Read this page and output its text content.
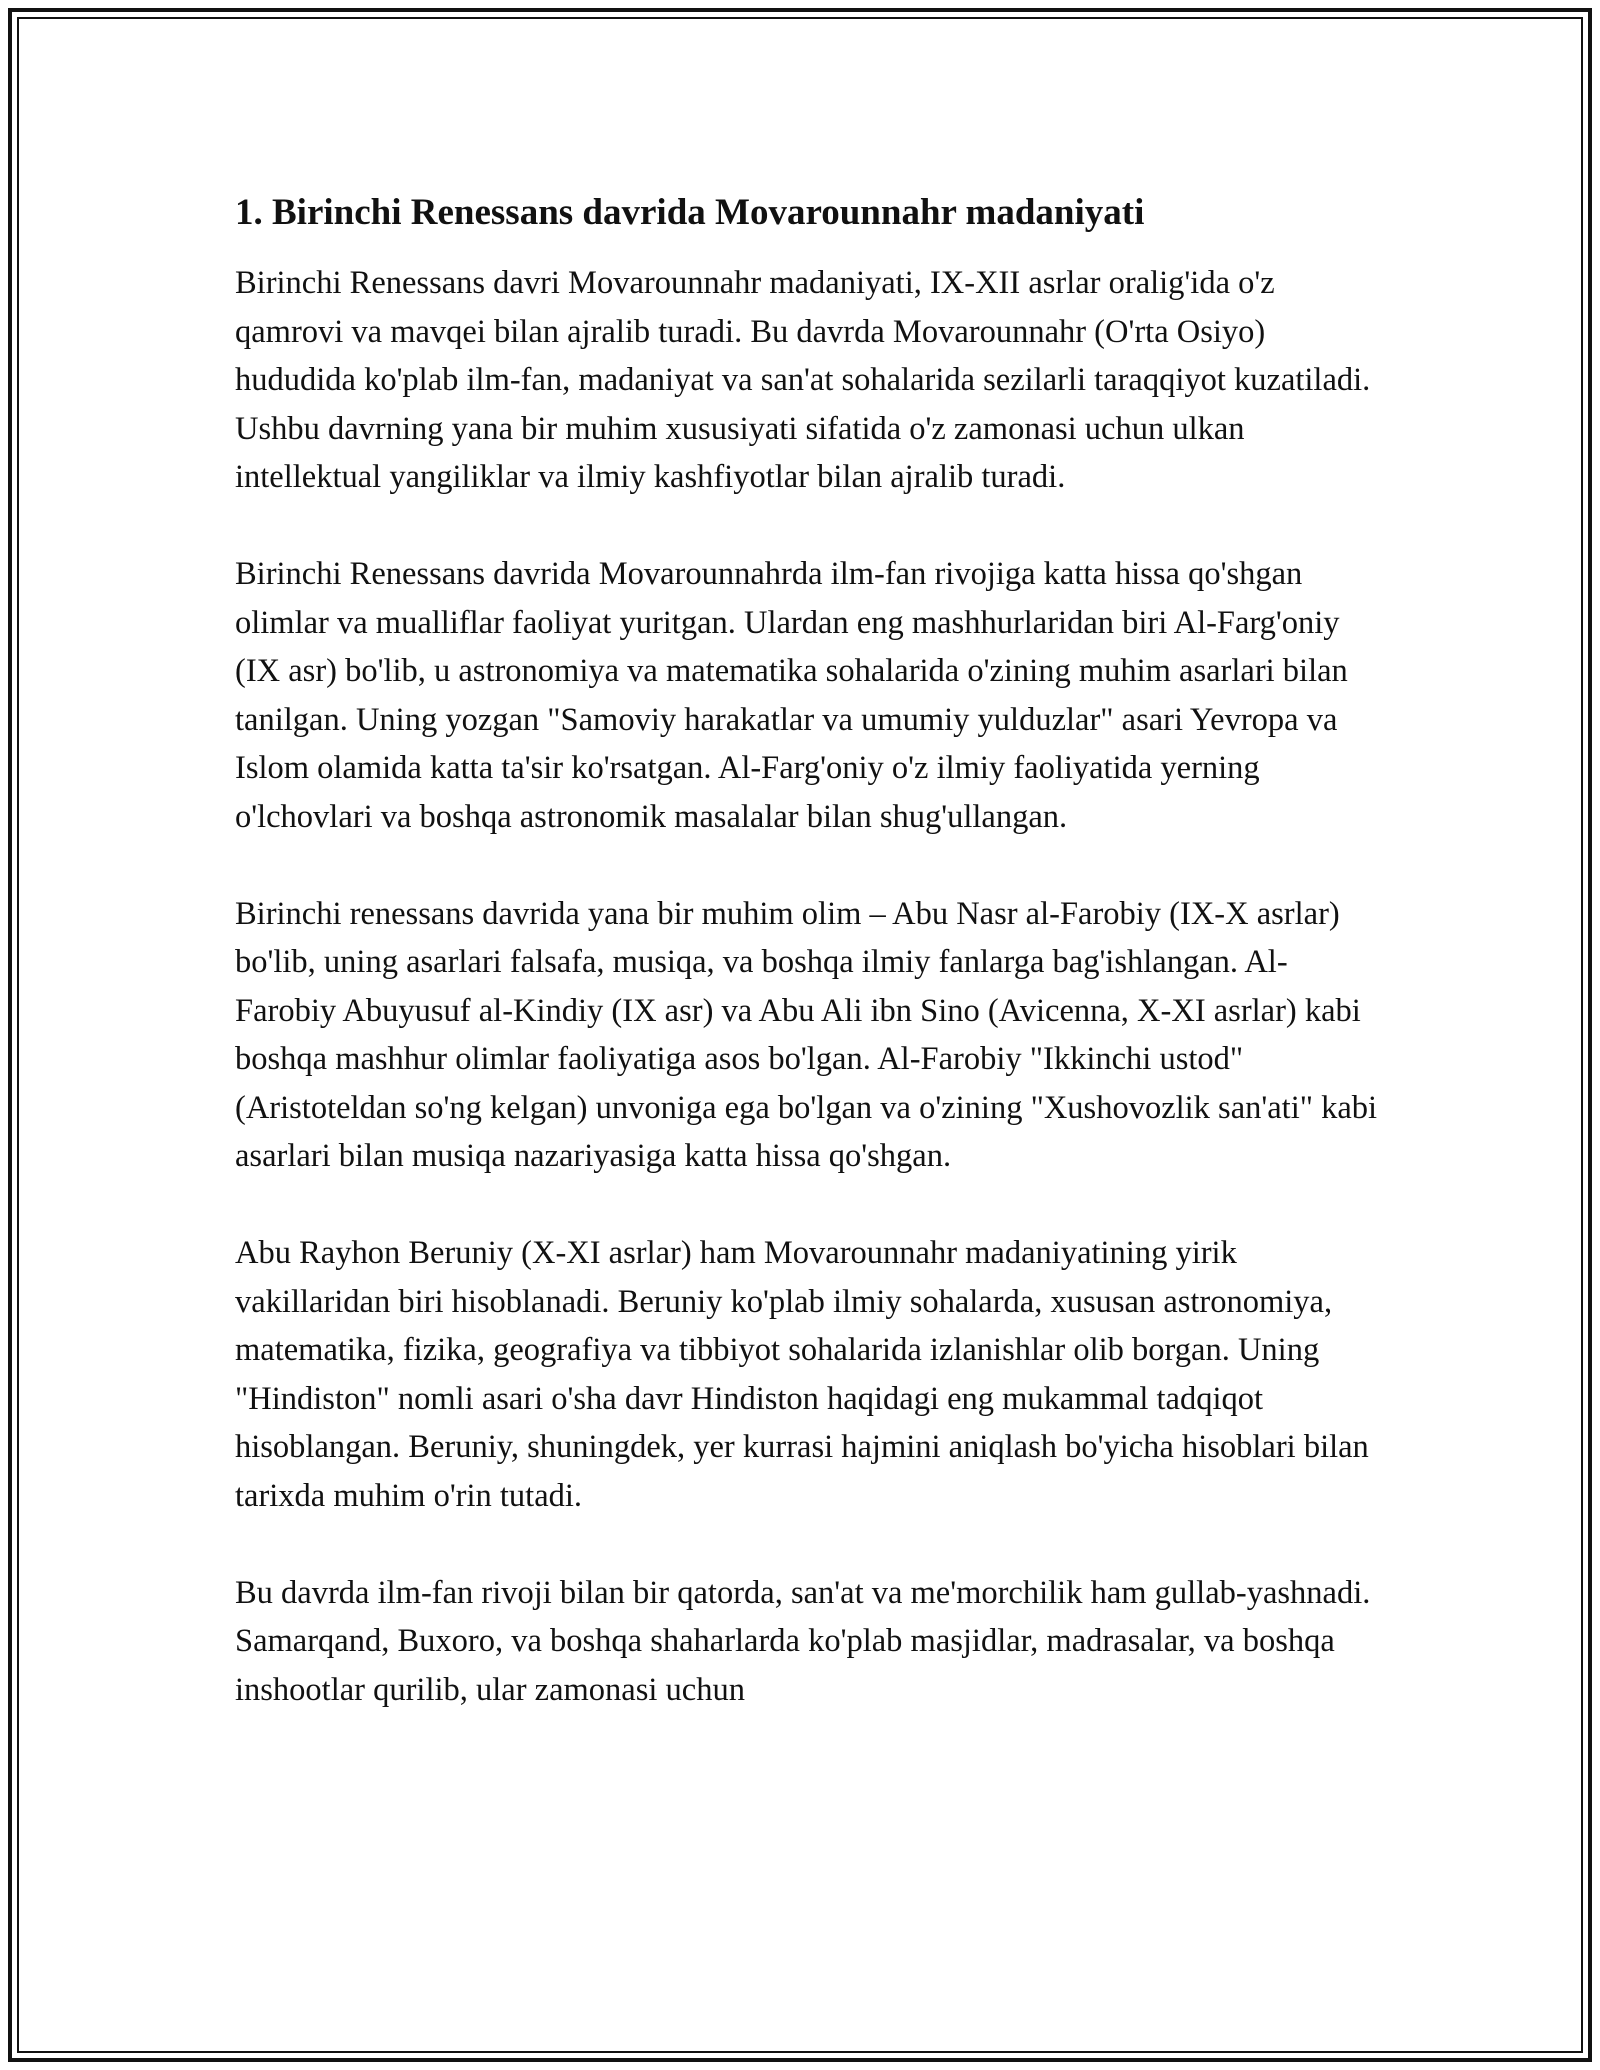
1. Birinchi Renessans davrida Movarounnahr madaniyati

Birinchi Renessans davri Movarounnahr madaniyati, IX-XII asrlar oralig'ida o'z qamrovi va mavqei bilan ajralib turadi. Bu davrda Movarounnahr (O'rta Osiyo) hududida ko'plab ilm-fan, madaniyat va san'at sohalarida sezilarli taraqqiyot kuzatiladi. Ushbu davrning yana bir muhim xususiyati sifatida o'z zamonasi uchun ulkan intellektual yangiliklar va ilmiy kashfiyotlar bilan ajralib turadi.

Birinchi Renessans davrida Movarounnahrda ilm-fan rivojiga katta hissa qo'shgan olimlar va mualliflar faoliyat yuritgan. Ulardan eng mashhurlaridan biri Al-Farg'oniy (IX asr) bo'lib, u astronomiya va matematika sohalarida o'zining muhim asarlari bilan tanilgan. Uning yozgan "Samoviy harakatlar va umumiy yulduzlar" asari Yevropa va Islom olamida katta ta'sir ko'rsatgan. Al-Farg'oniy o'z ilmiy faoliyatida yerning o'lchovlari va boshqa astronomik masalalar bilan shug'ullangan.

Birinchi renessans davrida yana bir muhim olim – Abu Nasr al-Farobiy (IX-X asrlar) bo'lib, uning asarlari falsafa, musiqa, va boshqa ilmiy fanlarga bag'ishlangan. Al-Farobiy Abuyusuf al-Kindiy (IX asr) va Abu Ali ibn Sino (Avicenna, X-XI asrlar) kabi boshqa mashhur olimlar faoliyatiga asos bo'lgan. Al-Farobiy "Ikkinchi ustod" (Aristoteldan so'ng kelgan) unvoniga ega bo'lgan va o'zining "Xushovozlik san'ati" kabi asarlari bilan musiqa nazariyasiga katta hissa qo'shgan.

Abu Rayhon Beruniy (X-XI asrlar) ham Movarounnahr madaniyatining yirik vakillaridan biri hisoblanadi. Beruniy ko'plab ilmiy sohalarda, xususan astronomiya, matematika, fizika, geografiya va tibbiyot sohalarida izlanishlar olib borgan. Uning "Hindiston" nomli asari o'sha davr Hindiston haqidagi eng mukammal tadqiqot hisoblangan. Beruniy, shuningdek, yer kurrasi hajmini aniqlash bo'yicha hisoblari bilan tarixda muhim o'rin tutadi.

Bu davrda ilm-fan rivoji bilan bir qatorda, san'at va me'morchilik ham gullab-yashnadi. Samarqand, Buxoro, va boshqa shaharlarda ko'plab masjidlar, madrasalar, va boshqa inshootlar qurilib, ular zamonasi uchun
